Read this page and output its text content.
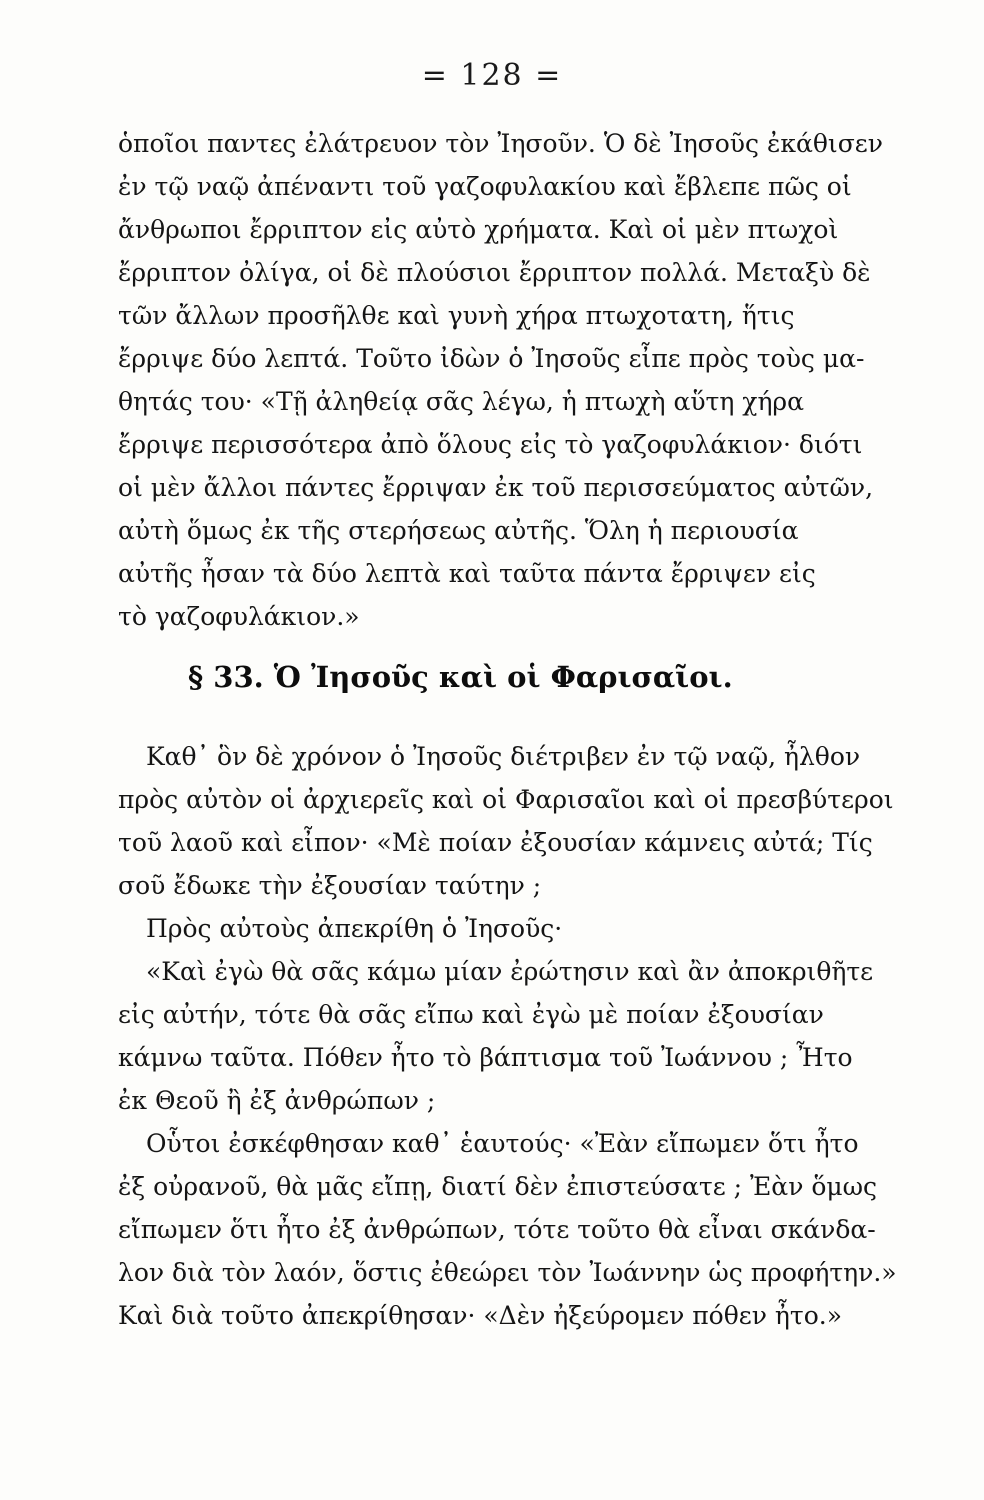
= 128 =
ὁποῖοι παντες ἐλάτρευον τὸν Ἰησοῦν. Ὁ δὲ Ἰησοῦς ἐκάθισεν
ἐν τῷ ναῷ ἀπέναντι τοῦ γαζοφυλακίου καὶ ἔβλεπε πῶς οἱ
ἄνθρωποι ἔρριπτον εἰς αὐτὸ χρήματα. Καὶ οἱ μὲν πτωχοὶ
ἔρριπτον ὀλίγα, οἱ δὲ πλούσιοι ἔρριπτον πολλά. Μεταξὺ δὲ
τῶν ἄλλων προσῆλθε καὶ γυνὴ χήρα πτωχοτατη, ἥτις
ἔρριψε δύο λεπτά. Τοῦτο ἰδὼν ὁ Ἰησοῦς εἶπε πρὸς τοὺς μα-
θητάς του· «Τῇ ἀληθείᾳ σᾶς λέγω, ἡ πτωχὴ αὕτη χήρα
ἔρριψε περισσότερα ἀπὸ ὅλους εἰς τὸ γαζοφυλάκιον· διότι
οἱ μὲν ἄλλοι πάντες ἔρριψαν ἐκ τοῦ περισσεύματος αὐτῶν,
αὐτὴ ὅμως ἐκ τῆς στερήσεως αὐτῆς. Ὅλη ἡ περιουσία
αὐτῆς ἦσαν τὰ δύο λεπτὰ καὶ ταῦτα πάντα ἔρριψεν εἰς
τὸ γαζοφυλάκιον.»
§ 33. Ὁ Ἰησοῦς καὶ οἱ Φαρισαῖοι.
Καθ᾽ ὃν δὲ χρόνον ὁ Ἰησοῦς διέτριβεν ἐν τῷ ναῷ, ἦλθον
πρὸς αὐτὸν οἱ ἀρχιερεῖς καὶ οἱ Φαρισαῖοι καὶ οἱ πρεσβύτεροι
τοῦ λαοῦ καὶ εἶπον· «Μὲ ποίαν ἐξουσίαν κάμνεις αὐτά; Τίς
σοῦ ἔδωκε τὴν ἐξουσίαν ταύτην ;
Πρὸς αὐτοὺς ἀπεκρίθη ὁ Ἰησοῦς·
«Καὶ ἐγὼ θὰ σᾶς κάμω μίαν ἐρώτησιν καὶ ἂν ἀποκριθῆτε
εἰς αὐτήν, τότε θὰ σᾶς εἴπω καὶ ἐγὼ μὲ ποίαν ἐξουσίαν
κάμνω ταῦτα. Πόθεν ἦτο τὸ βάπτισμα τοῦ Ἰωάννου ; Ἦτο
ἐκ Θεοῦ ἢ ἐξ ἀνθρώπων ;
Οὗτοι ἐσκέφθησαν καθ᾽ ἑαυτούς· «Ἐὰν εἴπωμεν ὅτι ἦτο
ἐξ οὐρανοῦ, θὰ μᾶς εἴπῃ, διατί δὲν ἐπιστεύσατε ; Ἐὰν ὅμως
εἴπωμεν ὅτι ἦτο ἐξ ἀνθρώπων, τότε τοῦτο θὰ εἶναι σκάνδα-
λον διὰ τὸν λαόν, ὅστις ἐθεώρει τὸν Ἰωάννην ὡς προφήτην.»
Καὶ διὰ τοῦτο ἀπεκρίθησαν· «Δὲν ἠξεύρομεν πόθεν ἦτο.»
